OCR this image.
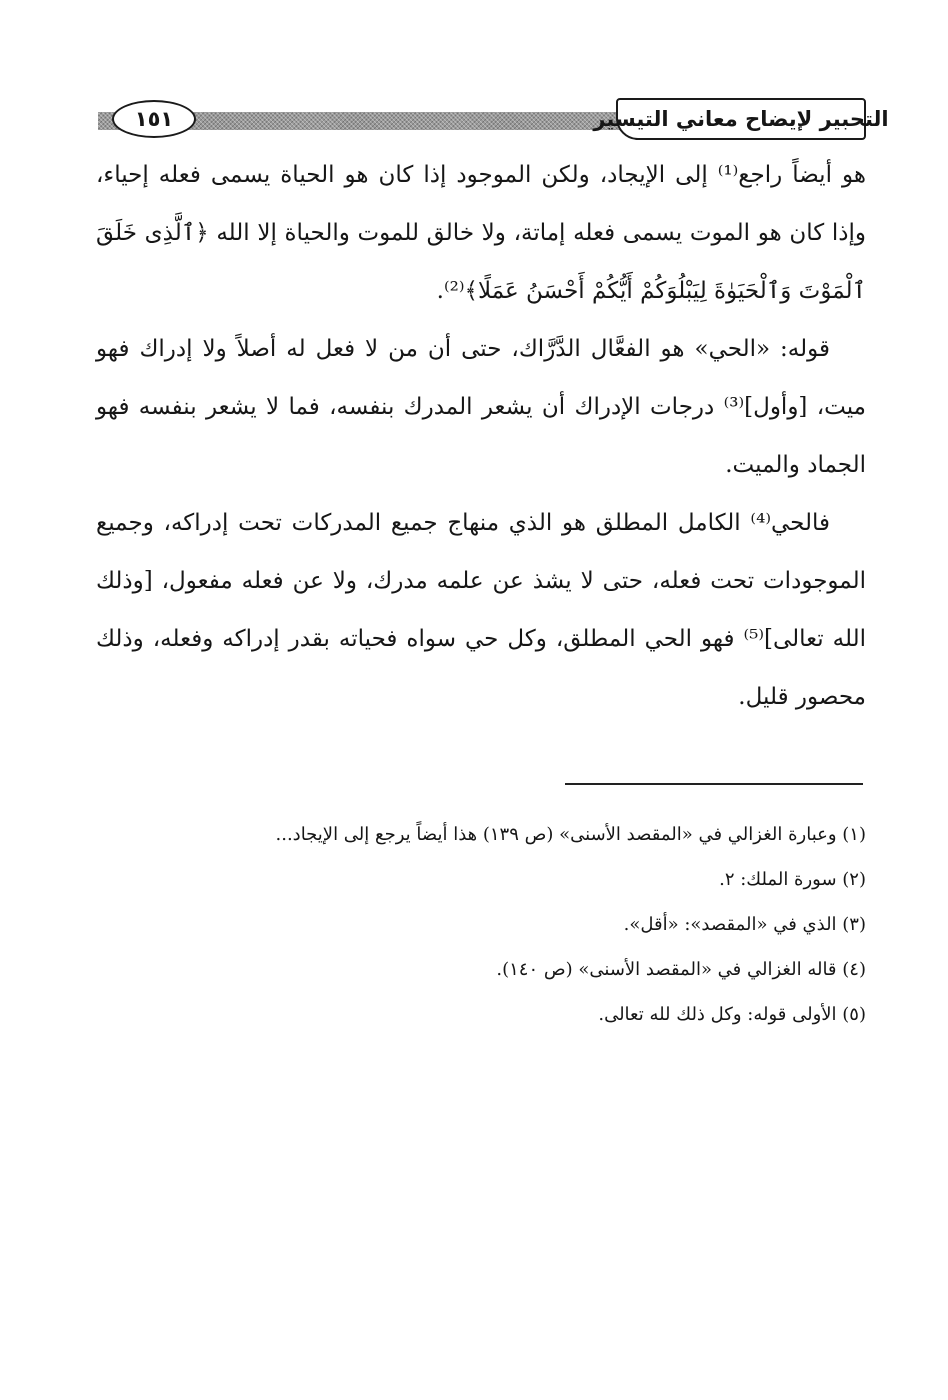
١٥١	التحبير لإيضاح معاني التيسير

هو أيضاً راجع⁽¹⁾ إلى الإيجاد، ولكن الموجود إذا كان هو الحياة يسمى فعله إحياء، وإذا كان هو الموت يسمى فعله إماتة، ولا خالق للموت والحياة إلا الله ﴿ٱلَّذِى خَلَقَ ٱلْمَوْتَ وَٱلْحَيَوٰةَ لِيَبْلُوَكُمْ أَيُّكُمْ أَحْسَنُ عَمَلًا﴾⁽²⁾.

قوله: «الحي» هو الفعَّال الدَّرَّاك، حتى أن من لا فعل له أصلاً ولا إدراك فهو ميت، [وأول]⁽³⁾ درجات الإدراك أن يشعر المدرك بنفسه، فما لا يشعر بنفسه فهو الجماد والميت.

فالحي⁽⁴⁾ الكامل المطلق هو الذي منهاج جميع المدركات تحت إدراكه، وجميع الموجودات تحت فعله، حتى لا يشذ عن علمه مدرك، ولا عن فعله مفعول، [وذلك الله تعالى]⁽⁵⁾ فهو الحي المطلق، وكل حي سواه فحياته بقدر إدراكه وفعله، وذلك محصور قليل.

(١) وعبارة الغزالي في «المقصد الأسنى» (ص ١٣٩) هذا أيضاً يرجع إلى الإيجاد...

(٢) سورة الملك: ٢.

(٣) الذي في «المقصد»: «أقل».

(٤) قاله الغزالي في «المقصد الأسنى» (ص ١٤٠).

(٥) الأولى قوله: وكل ذلك لله تعالى.
